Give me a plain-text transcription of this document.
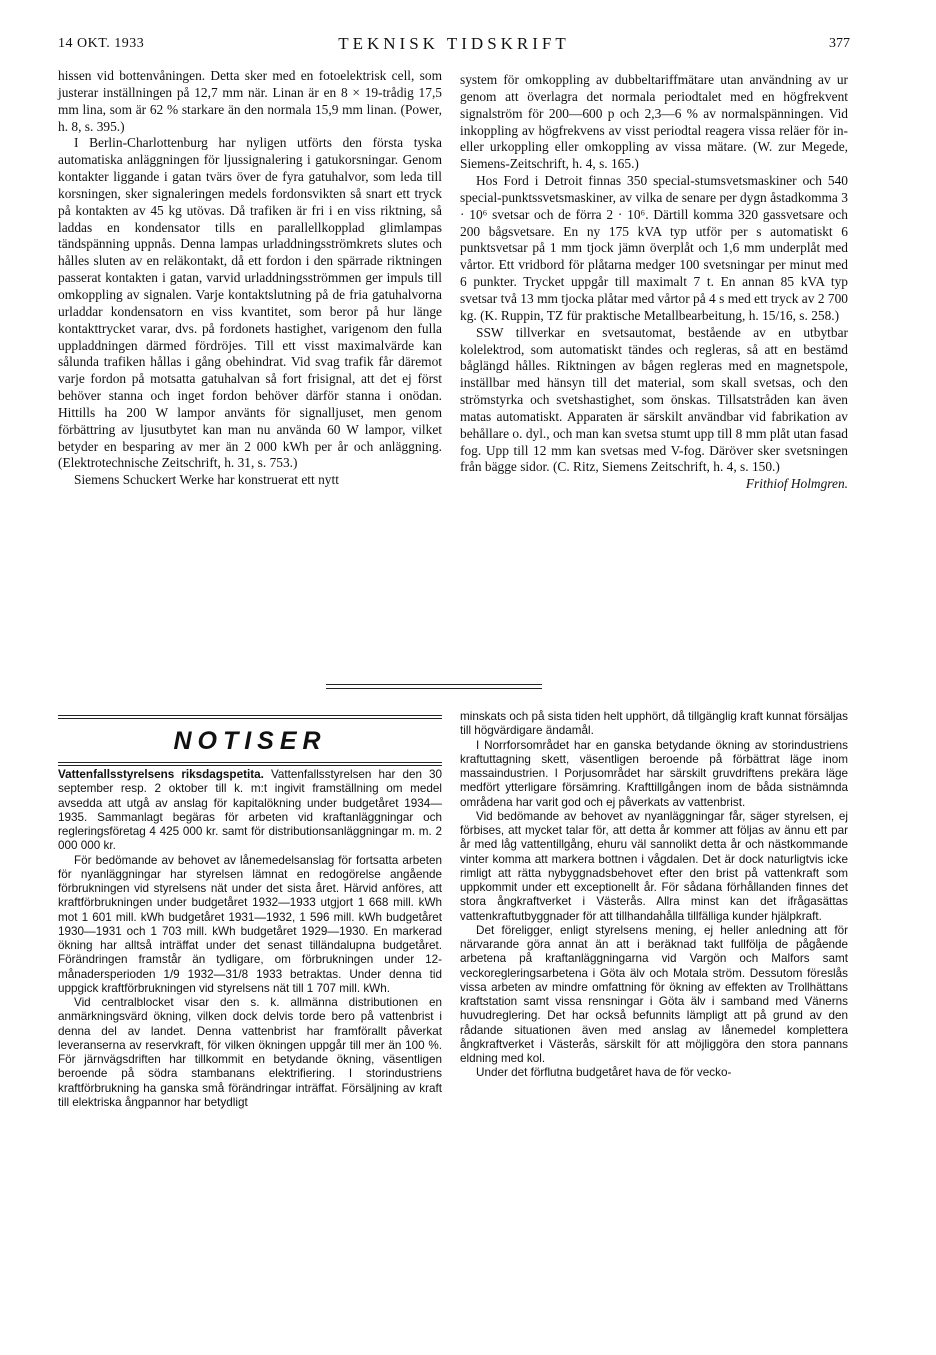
14 OKT. 1933	TEKNISK TIDSKRIFT	377

hissen vid bottenvåningen. Detta sker med en fotoelektrisk cell, som justerar inställningen på 12,7 mm när. Linan är en 8 × 19-trådig 17,5 mm lina, som är 62 % starkare än den normala 15,9 mm linan. (Power, h. 8, s. 395.)

I Berlin-Charlottenburg har nyligen utförts den första tyska automatiska anläggningen för ljussignalering i gatukorsningar. Genom kontakter liggande i gatan tvärs över de fyra gatuhalvor, som leda till korsningen, sker signaleringen medels fordonsvikten så snart ett tryck på kontakten av 45 kg utövas. Då trafiken är fri i en viss riktning, så laddas en kondensator tills en parallellkopplad glimlampas tändspänning uppnås. Denna lampas urladdningsströmkrets slutes och hålles sluten av en reläkontakt, då ett fordon i den spärrade riktningen passerat kontakten i gatan, varvid urladdningsströmmen ger impuls till omkoppling av signalen. Varje kontaktslutning på de fria gatuhalvorna urladdar kondensatorn en viss kvantitet, som beror på hur länge kontakttrycket varar, dvs. på fordonets hastighet, varigenom den fulla uppladdningen därmed fördröjes. Till ett visst maximalvärde kan sålunda trafiken hållas i gång obehindrat. Vid svag trafik får däremot varje fordon på motsatta gatuhalvan så fort frisignal, att det ej först behöver stanna och inget fordon behöver därför stanna i onödan. Hittills ha 200 W lampor använts för signalljuset, men genom förbättring av ljusutbytet kan man nu använda 60 W lampor, vilket betyder en besparing av mer än 2 000 kWh per år och anläggning. (Elektrotechnische Zeitschrift, h. 31, s. 753.)

Siemens Schuckert Werke har konstruerat ett nytt

system för omkoppling av dubbeltariffmätare utan användning av ur genom att överlagra det normala periodtalet med en högfrekvent signalström för 200—600 p och 2,3—6 % av normalspänningen. Vid inkoppling av högfrekvens av visst periodtal reagera vissa reläer för in- eller urkoppling eller omkoppling av vissa mätare. (W. zur Megede, Siemens-Zeitschrift, h. 4, s. 165.)

Hos Ford i Detroit finnas 350 special-stumsvetsmaskiner och 540 special-punktssvetsmaskiner, av vilka de senare per dygn åstadkomma 3 · 10⁶ svetsar och de förra 2 · 10⁶. Därtill komma 320 gassvetsare och 200 bågsvetsare. En ny 175 kVA typ utför per s automatiskt 6 punktsvetsar på 1 mm tjock jämn överplåt och 1,6 mm underplåt med vårtor. Ett vridbord för plåtarna medger 100 svetsningar per minut med 6 punkter. Trycket uppgår till maximalt 7 t. En annan 85 kVA typ svetsar två 13 mm tjocka plåtar med vårtor på 4 s med ett tryck av 2 700 kg. (K. Ruppin, TZ für praktische Metallbearbeitung, h. 15/16, s. 258.)

SSW tillverkar en svetsautomat, bestående av en utbytbar kolelektrod, som automatiskt tändes och regleras, så att en bestämd båglängd hålles. Riktningen av bågen regleras med en magnetspole, inställbar med hänsyn till det material, som skall svetsas, och den strömstyrka och svetshastighet, som önskas. Tillsatstråden kan även matas automatiskt. Apparaten är särskilt användbar vid fabrikation av behållare o. dyl., och man kan svetsa stumt upp till 8 mm plåt utan fasad fog. Upp till 12 mm kan svetsas med V-fog. Däröver sker svetsningen från bägge sidor. (C. Ritz, Siemens Zeitschrift, h. 4, s. 150.)

Frithiof Holmgren.

NOTISER

Vattenfallsstyrelsens riksdagspetita. Vattenfallsstyrelsen har den 30 september resp. 2 oktober till k. m:t ingivit framställning om medel avsedda att utgå av anslag för kapitalökning under budgetåret 1934—1935. Sammanlagt begäras för arbeten vid kraftanläggningar och regleringsföretag 4 425 000 kr. samt för distributionsanläggningar m. m. 2 000 000 kr.

För bedömande av behovet av lånemedelsanslag för fortsatta arbeten för nyanläggningar har styrelsen lämnat en redogörelse angående förbrukningen vid styrelsens nät under det sista året. Härvid anföres, att kraftförbrukningen under budgetåret 1932—1933 utgjort 1 668 mill. kWh mot 1 601 mill. kWh budgetåret 1931—1932, 1 596 mill. kWh budgetåret 1930—1931 och 1 703 mill. kWh budgetåret 1929—1930. En markerad ökning har alltså inträffat under det senast tilländalupna budgetåret. Förändringen framstår än tydligare, om förbrukningen under 12-månadersperioden 1/9 1932—31/8 1933 betraktas. Under denna tid uppgick kraftförbrukningen vid styrelsens nät till 1 707 mill. kWh.

Vid centralblocket visar den s. k. allmänna distributionen en anmärkningsvärd ökning, vilken dock delvis torde bero på vattenbrist i denna del av landet. Denna vattenbrist har framförallt påverkat leveranserna av reservkraft, för vilken ökningen uppgår till mer än 100 %. För järnvägsdriften har tillkommit en betydande ökning, väsentligen beroende på södra stambanans elektrifiering. I storindustriens kraftförbrukning ha ganska små förändringar inträffat. Försäljning av kraft till elektriska ångpannor har betydligt

minskats och på sista tiden helt upphört, då tillgänglig kraft kunnat försäljas till högvärdigare ändamål.

I Norrforsområdet har en ganska betydande ökning av storindustriens kraftuttagning skett, väsentligen beroende på förbättrat läge inom massaindustrien. I Porjusområdet har särskilt gruvdriftens prekära läge medfört ytterligare försämring. Krafttillgången inom de båda sistnämnda områdena har varit god och ej påverkats av vattenbrist.

Vid bedömande av behovet av nyanläggningar får, säger styrelsen, ej förbises, att mycket talar för, att detta år kommer att följas av ännu ett par år med låg vattentillgång, ehuru väl sannolikt detta år och nästkommande vinter komma att markera bottnen i vågdalen. Det är dock naturligtvis icke rimligt att rätta nybyggnadsbehovet efter den brist på vattenkraft som uppkommit under ett exceptionellt år. För sådana förhållanden finnes det stora ångkraftverket i Västerås. Allra minst kan det ifrågasättas vattenkraftutbyggnader för att tillhandahålla tillfälliga kunder hjälpkraft.

Det föreligger, enligt styrelsens mening, ej heller anledning att för närvarande göra annat än att i beräknad takt fullfölja de pågående arbetena på kraftanläggningarna vid Vargön och Malfors samt veckoregleringsarbetena i Göta älv och Motala ström. Dessutom föreslås vissa arbeten av mindre omfattning för ökning av effekten av Trollhättans kraftstation samt vissa rensningar i Göta älv i samband med Vänerns huvudreglering. Det har också befunnits lämpligt att på grund av den rådande situationen även med anslag av lånemedel komplettera ångkraftverket i Västerås, särskilt för att möjliggöra den stora pannans eldning med kol.

Under det förflutna budgetåret hava de för vecko-
